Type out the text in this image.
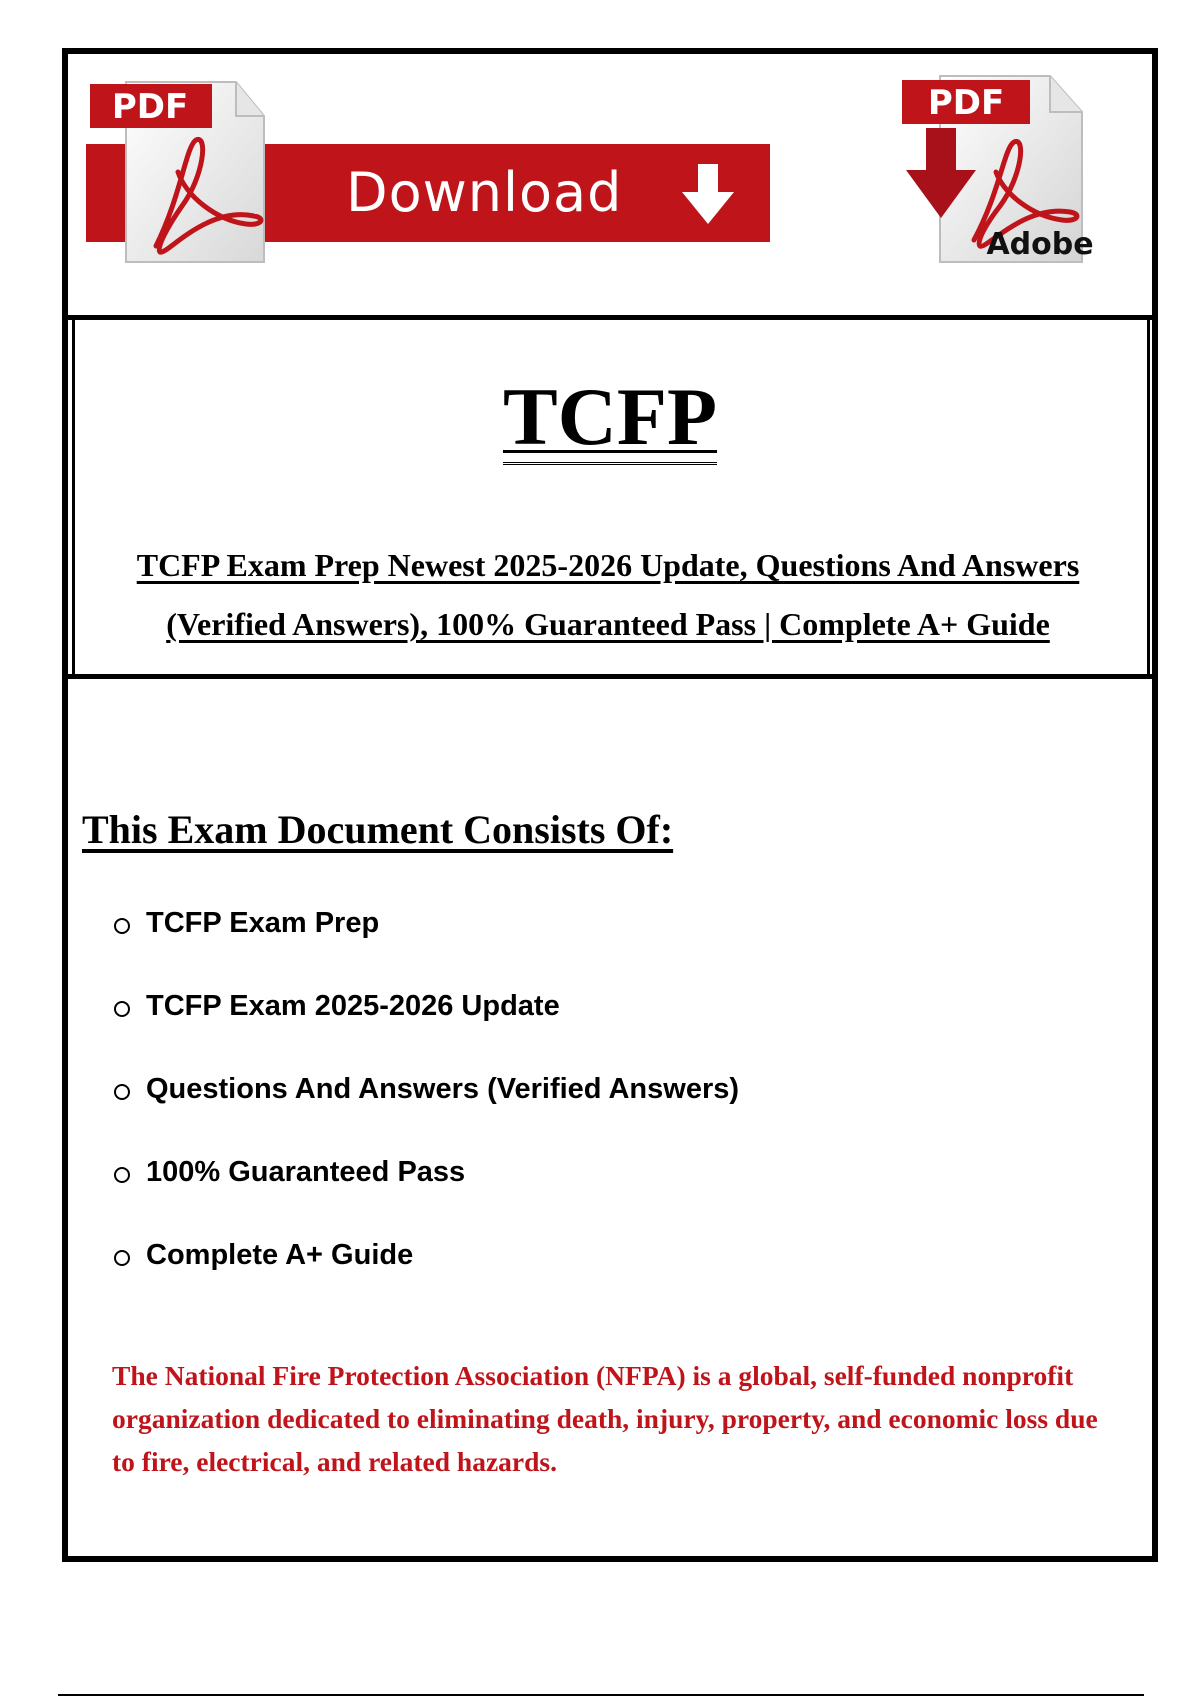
Download
PDF	PDF
Adobe
TCFP
TCFP Exam Prep Newest 2025-2026 Update, Questions And Answers (Verified Answers), 100% Guaranteed Pass | Complete A+ Guide
This Exam Document Consists Of:
TCFP Exam Prep
TCFP Exam 2025-2026 Update
Questions And Answers (Verified Answers)
100% Guaranteed Pass
Complete A+ Guide
The National Fire Protection Association (NFPA) is a global, self-funded nonprofit organization dedicated to eliminating death, injury, property, and economic loss due to fire, electrical, and related hazards.
